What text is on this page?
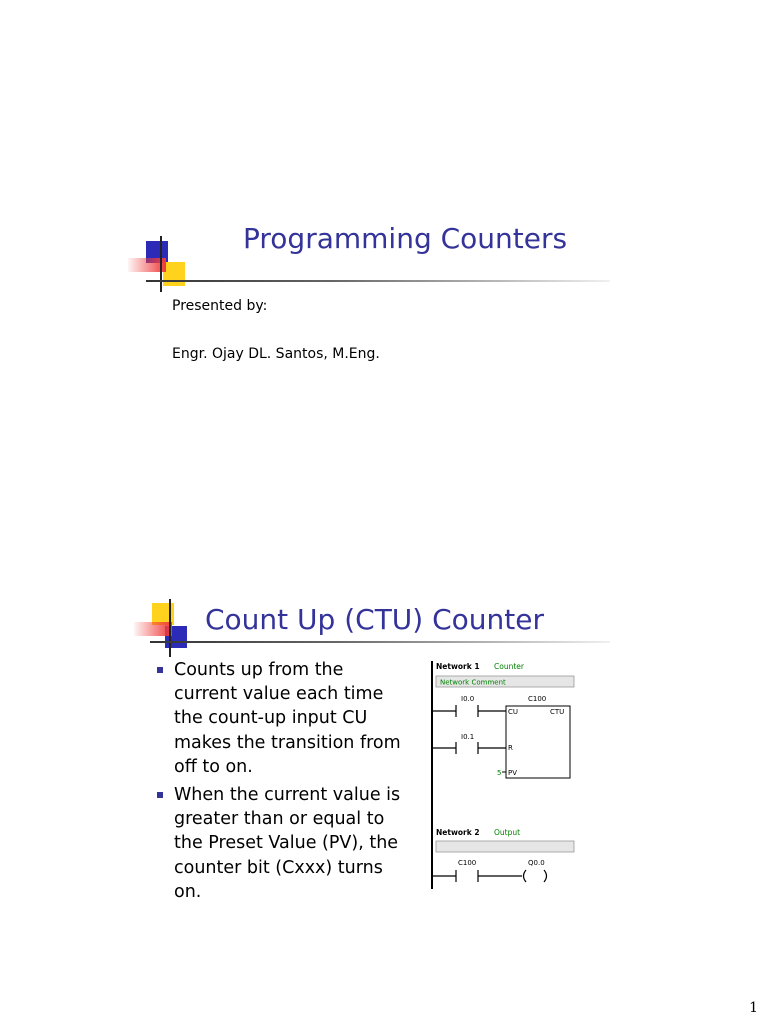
Programming Counters
Presented by:
Engr. Ojay DL. Santos, M.Eng.
Count Up (CTU) Counter
Counts up from the current value each time the count-up input CU makes the transition from off to on.
When the current value is greater than or equal to the Preset Value (PV), the counter bit (Cxxx) turns on.
Network 1 Counter
Network Comment
I0.0	C100
CU	CTU
I0.1
R
5 PV
Network 2 Output
C100	Q0.0
1
